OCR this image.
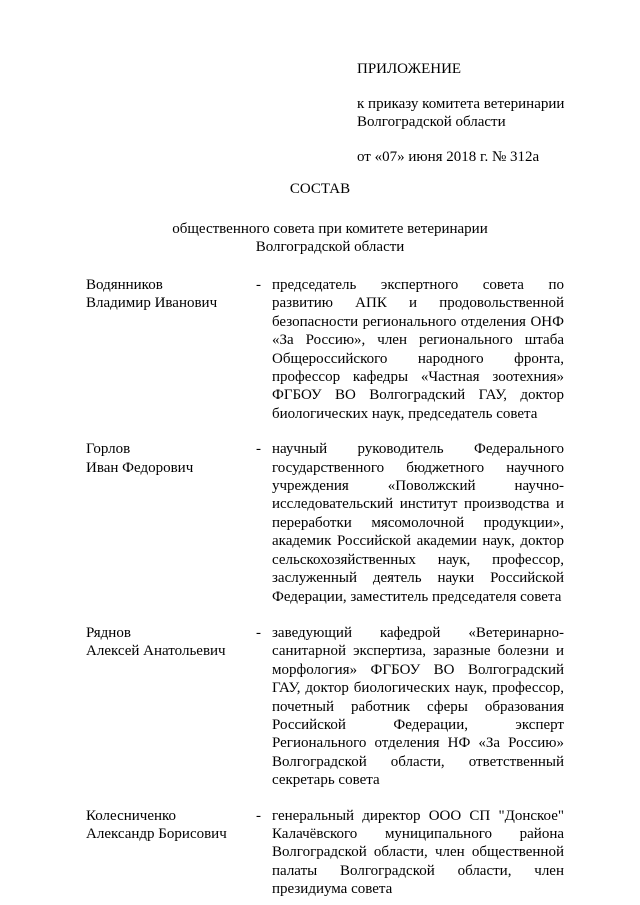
ПРИЛОЖЕНИЕ
к приказу комитета ветеринарии
Волгоградской области
от «07» июня 2018 г. № 312а
СОСТАВ
общественного совета при комитете ветеринарии
Волгоградской области
Водянников
Владимир Иванович
- председатель экспертного совета по развитию АПК и продовольственной безопасности регионального отделения ОНФ «За Россию», член регионального штаба Общероссийского народного фронта, профессор кафедры «Частная зоотехния» ФГБОУ ВО Волгоградский ГАУ, доктор биологических наук, председатель совета
Горлов
Иван Федорович
- научный руководитель Федерального государственного бюджетного научного учреждения «Поволжский научно-исследовательский институт производства и переработки мясомолочной продукции», академик Российской академии наук, доктор сельскохозяйственных наук, профессор, заслуженный деятель науки Российской Федерации, заместитель председателя совета
Ряднов
Алексей Анатольевич
- заведующий кафедрой «Ветеринарно-санитарной экспертиза, заразные болезни и морфология» ФГБОУ ВО Волгоградский ГАУ, доктор биологических наук, профессор, почетный работник сферы образования Российской Федерации, эксперт Регионального отделения НФ «За Россию» Волгоградской области, ответственный секретарь совета
Колесниченко
Александр Борисович
- генеральный директор ООО СП "Донское" Калачёвского муниципального района Волгоградской области, член общественной палаты Волгоградской области, член президиума совета
